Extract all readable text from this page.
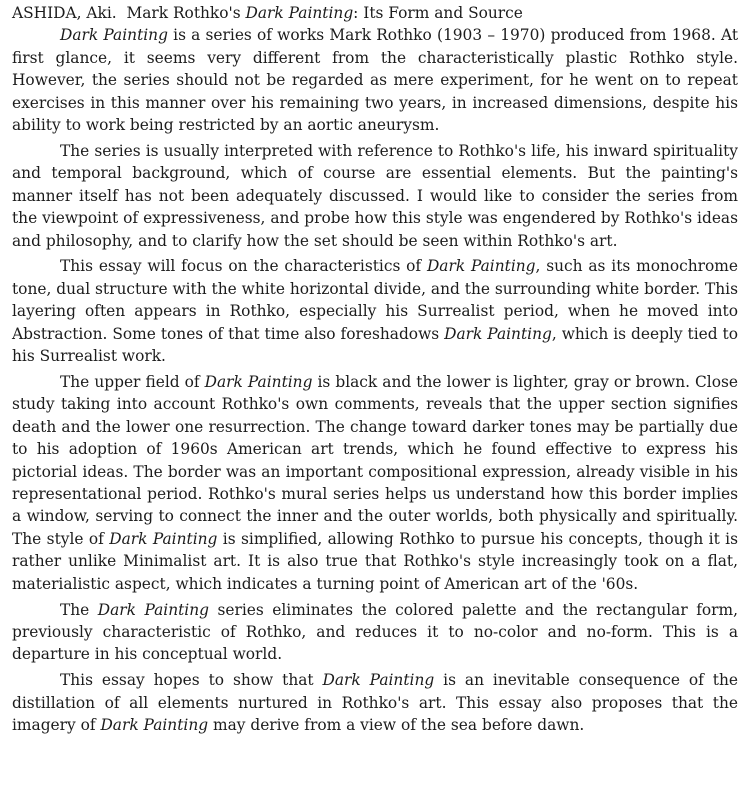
ASHIDA, Aki. Mark Rothko's Dark Painting: Its Form and Source

Dark Painting is a series of works Mark Rothko (1903 – 1970) produced from 1968. At first glance, it seems very different from the characteristically plastic Rothko style. However, the series should not be regarded as mere experiment, for he went on to repeat exercises in this manner over his remaining two years, in increased dimensions, despite his ability to work being restricted by an aortic aneurysm.

The series is usually interpreted with reference to Rothko's life, his inward spirituality and temporal background, which of course are essential elements. But the painting's manner itself has not been adequately discussed. I would like to consider the series from the viewpoint of expressiveness, and probe how this style was engendered by Rothko's ideas and philosophy, and to clarify how the set should be seen within Rothko's art.

This essay will focus on the characteristics of Dark Painting, such as its monochrome tone, dual structure with the white horizontal divide, and the surrounding white border. This layering often appears in Rothko, especially his Surrealist period, when he moved into Abstraction. Some tones of that time also foreshadows Dark Painting, which is deeply tied to his Surrealist work.

The upper field of Dark Painting is black and the lower is lighter, gray or brown. Close study taking into account Rothko's own comments, reveals that the upper section signifies death and the lower one resurrection. The change toward darker tones may be partially due to his adoption of 1960s American art trends, which he found effective to express his pictorial ideas. The border was an important compositional expression, already visible in his representational period. Rothko's mural series helps us understand how this border implies a window, serving to connect the inner and the outer worlds, both physically and spiritually. The style of Dark Painting is simplified, allowing Rothko to pursue his concepts, though it is rather unlike Minimalist art. It is also true that Rothko's style increasingly took on a flat, materialistic aspect, which indicates a turning point of American art of the '60s.

The Dark Painting series eliminates the colored palette and the rectangular form, previously characteristic of Rothko, and reduces it to no-color and no-form. This is a departure in his conceptual world.

This essay hopes to show that Dark Painting is an inevitable consequence of the distillation of all elements nurtured in Rothko's art. This essay also proposes that the imagery of Dark Painting may derive from a view of the sea before dawn.
